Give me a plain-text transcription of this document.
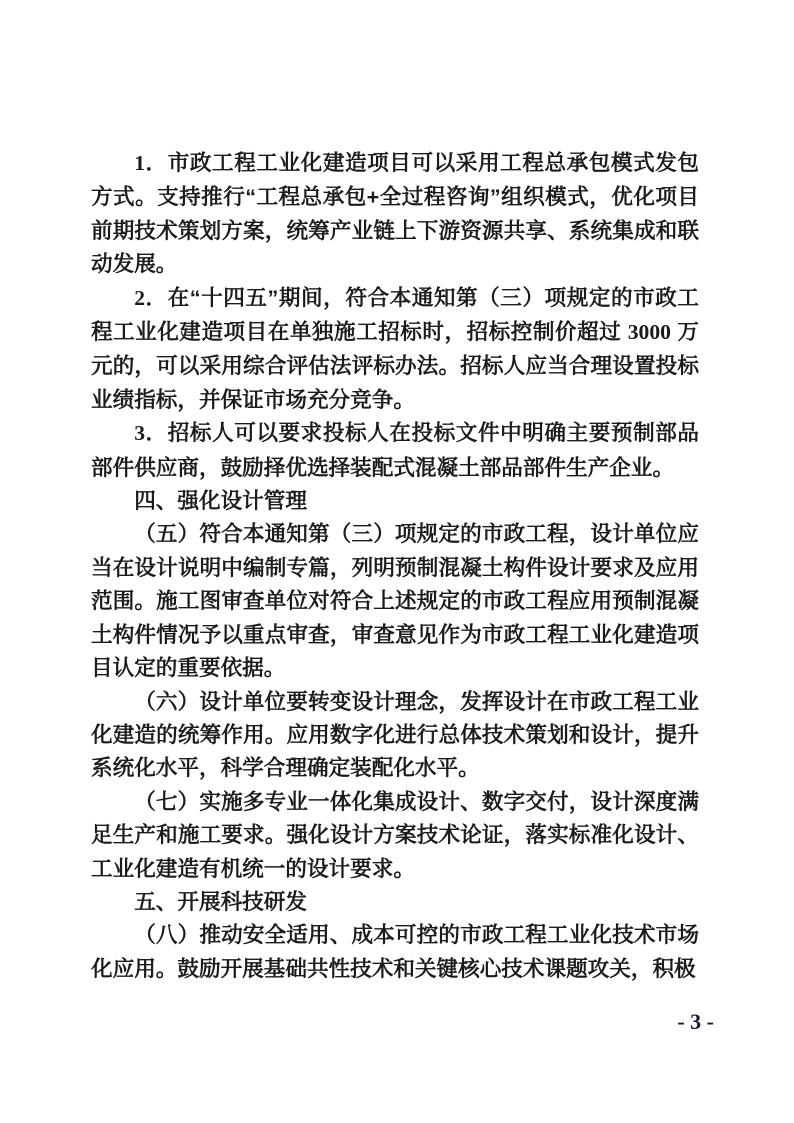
1．市政工程工业化建造项目可以采用工程总承包模式发包方式。支持推行“工程总承包+全过程咨询”组织模式，优化项目前期技术策划方案，统筹产业链上下游资源共享、系统集成和联动发展。

2．在“十四五”期间，符合本通知第（三）项规定的市政工程工业化建造项目在单独施工招标时，招标控制价超过 3000 万元的，可以采用综合评估法评标办法。招标人应当合理设置投标业绩指标，并保证市场充分竞争。

3．招标人可以要求投标人在投标文件中明确主要预制部品部件供应商，鼓励择优选择装配式混凝土部品部件生产企业。

四、强化设计管理

（五）符合本通知第（三）项规定的市政工程，设计单位应当在设计说明中编制专篇，列明预制混凝土构件设计要求及应用范围。施工图审查单位对符合上述规定的市政工程应用预制混凝土构件情况予以重点审查，审查意见作为市政工程工业化建造项目认定的重要依据。

（六）设计单位要转变设计理念，发挥设计在市政工程工业化建造的统筹作用。应用数字化进行总体技术策划和设计，提升系统化水平，科学合理确定装配化水平。

（七）实施多专业一体化集成设计、数字交付，设计深度满足生产和施工要求。强化设计方案技术论证，落实标准化设计、工业化建造有机统一的设计要求。

五、开展科技研发

（八）推动安全适用、成本可控的市政工程工业化技术市场化应用。鼓励开展基础共性技术和关键核心技术课题攻关，积极

- 3 -
